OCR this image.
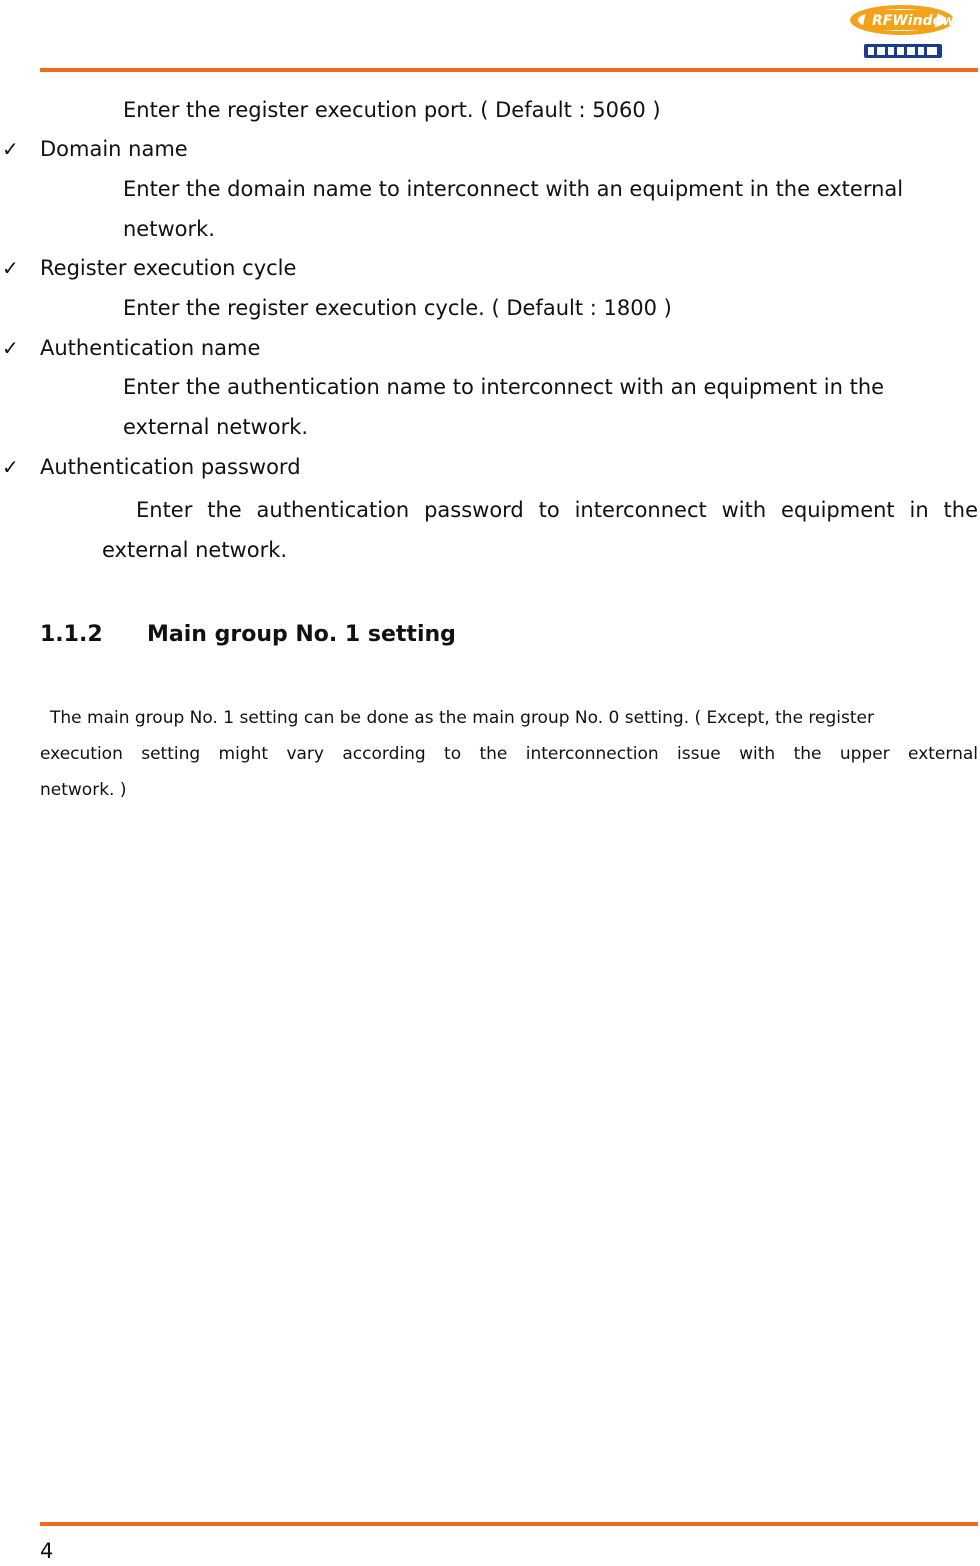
RFWindow
Enter the register execution port. ( Default : 5060 )
✓ Domain name
Enter the domain name to interconnect with an equipment in the external
network.
✓ Register execution cycle
Enter the register execution cycle. ( Default : 1800 )
✓ Authentication name
Enter the authentication name to interconnect with an equipment in the
external network.
✓ Authentication password
Enter the authentication password to interconnect with equipment in the
external network.
1.1.2 Main group No. 1 setting
The main group No. 1 setting can be done as the main group No. 0 setting. ( Except, the register
execution setting might vary according to the interconnection issue with the upper external
network. )
4
